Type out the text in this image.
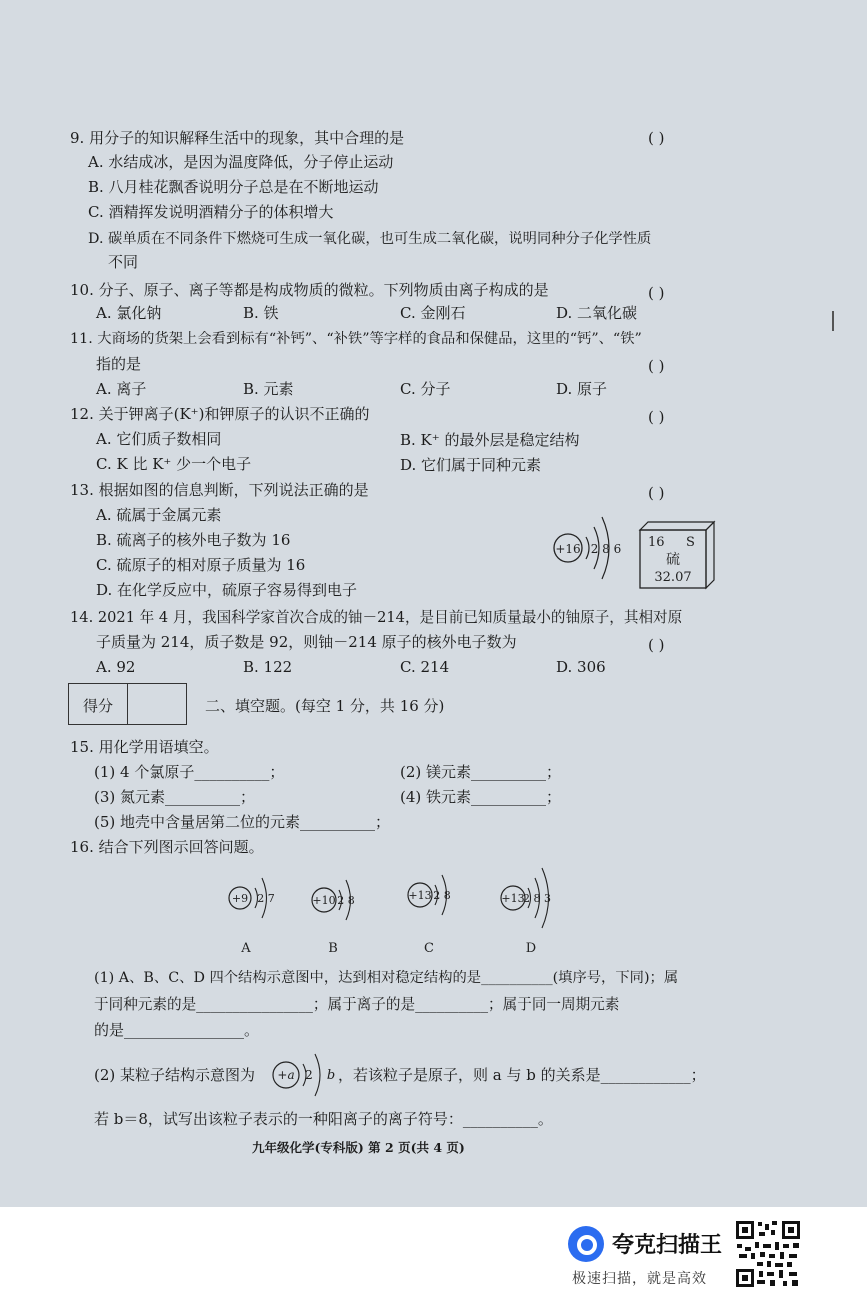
9. 用分子的知识解释生活中的现象，其中合理的是	( )
A. 水结成冰，是因为温度降低，分子停止运动
B. 八月桂花飘香说明分子总是在不断地运动
C. 酒精挥发说明酒精分子的体积增大
D. 碳单质在不同条件下燃烧可生成一氧化碳，也可生成二氧化碳，说明同种分子化学性质
不同
10. 分子、原子、离子等都是构成物质的微粒。下列物质由离子构成的是	( )
A. 氯化钠	B. 铁	C. 金刚石	D. 二氧化碳
11. 大商场的货架上会看到标有“补钙”、“补铁”等字样的食品和保健品，这里的“钙”、“铁”
指的是	( )
A. 离子	B. 元素	C. 分子	D. 原子
12. 关于钾离子(K⁺)和钾原子的认识不正确的	( )
A. 它们质子数相同	B. K⁺ 的最外层是稳定结构
C. K 比 K⁺ 少一个电子	D. 它们属于同种元素
13. 根据如图的信息判断，下列说法正确的是	( )
A. 硫属于金属元素
B. 硫离子的核外电子数为 16
C. 硫原子的相对原子质量为 16
D. 在化学反应中，硫原子容易得到电子
+16 2 8 6 16 S
硫
32.07
14. 2021 年 4 月，我国科学家首次合成的铀－214，是目前已知质量最小的铀原子，其相对原
子质量为 214，质子数是 92，则铀－214 原子的核外电子数为	( )
A. 92	B. 122	C. 214	D. 306
得分	二、填空题。(每空 1 分，共 16 分)
15. 用化学用语填空。
(1) 4 个氯原子__________；	(2) 镁元素__________；
(3) 氮元素__________；	(4) 铁元素__________；
(5) 地壳中含量居第二位的元素__________；
16. 结合下列图示回答问题。
+9 2 7
A
+10 2 8
B
+13 2 8
C
+13
2 8 3
D
(1) A、B、C、D 四个结构示意图中，达到相对稳定结构的是__________(填序号，下同)；属
于同种元素的是________________；属于离子的是__________；属于同一周期元素
的是________________。
(2) 某粒子结构示意图为 +a 2 b ，若该粒子是原子，则 a 与 b 的关系是____________；
若 b＝8，试写出该粒子表示的一种阳离子的离子符号：__________。
九年级化学(专科版) 第 2 页(共 4 页)
夸克扫描王
极速扫描，就是高效
